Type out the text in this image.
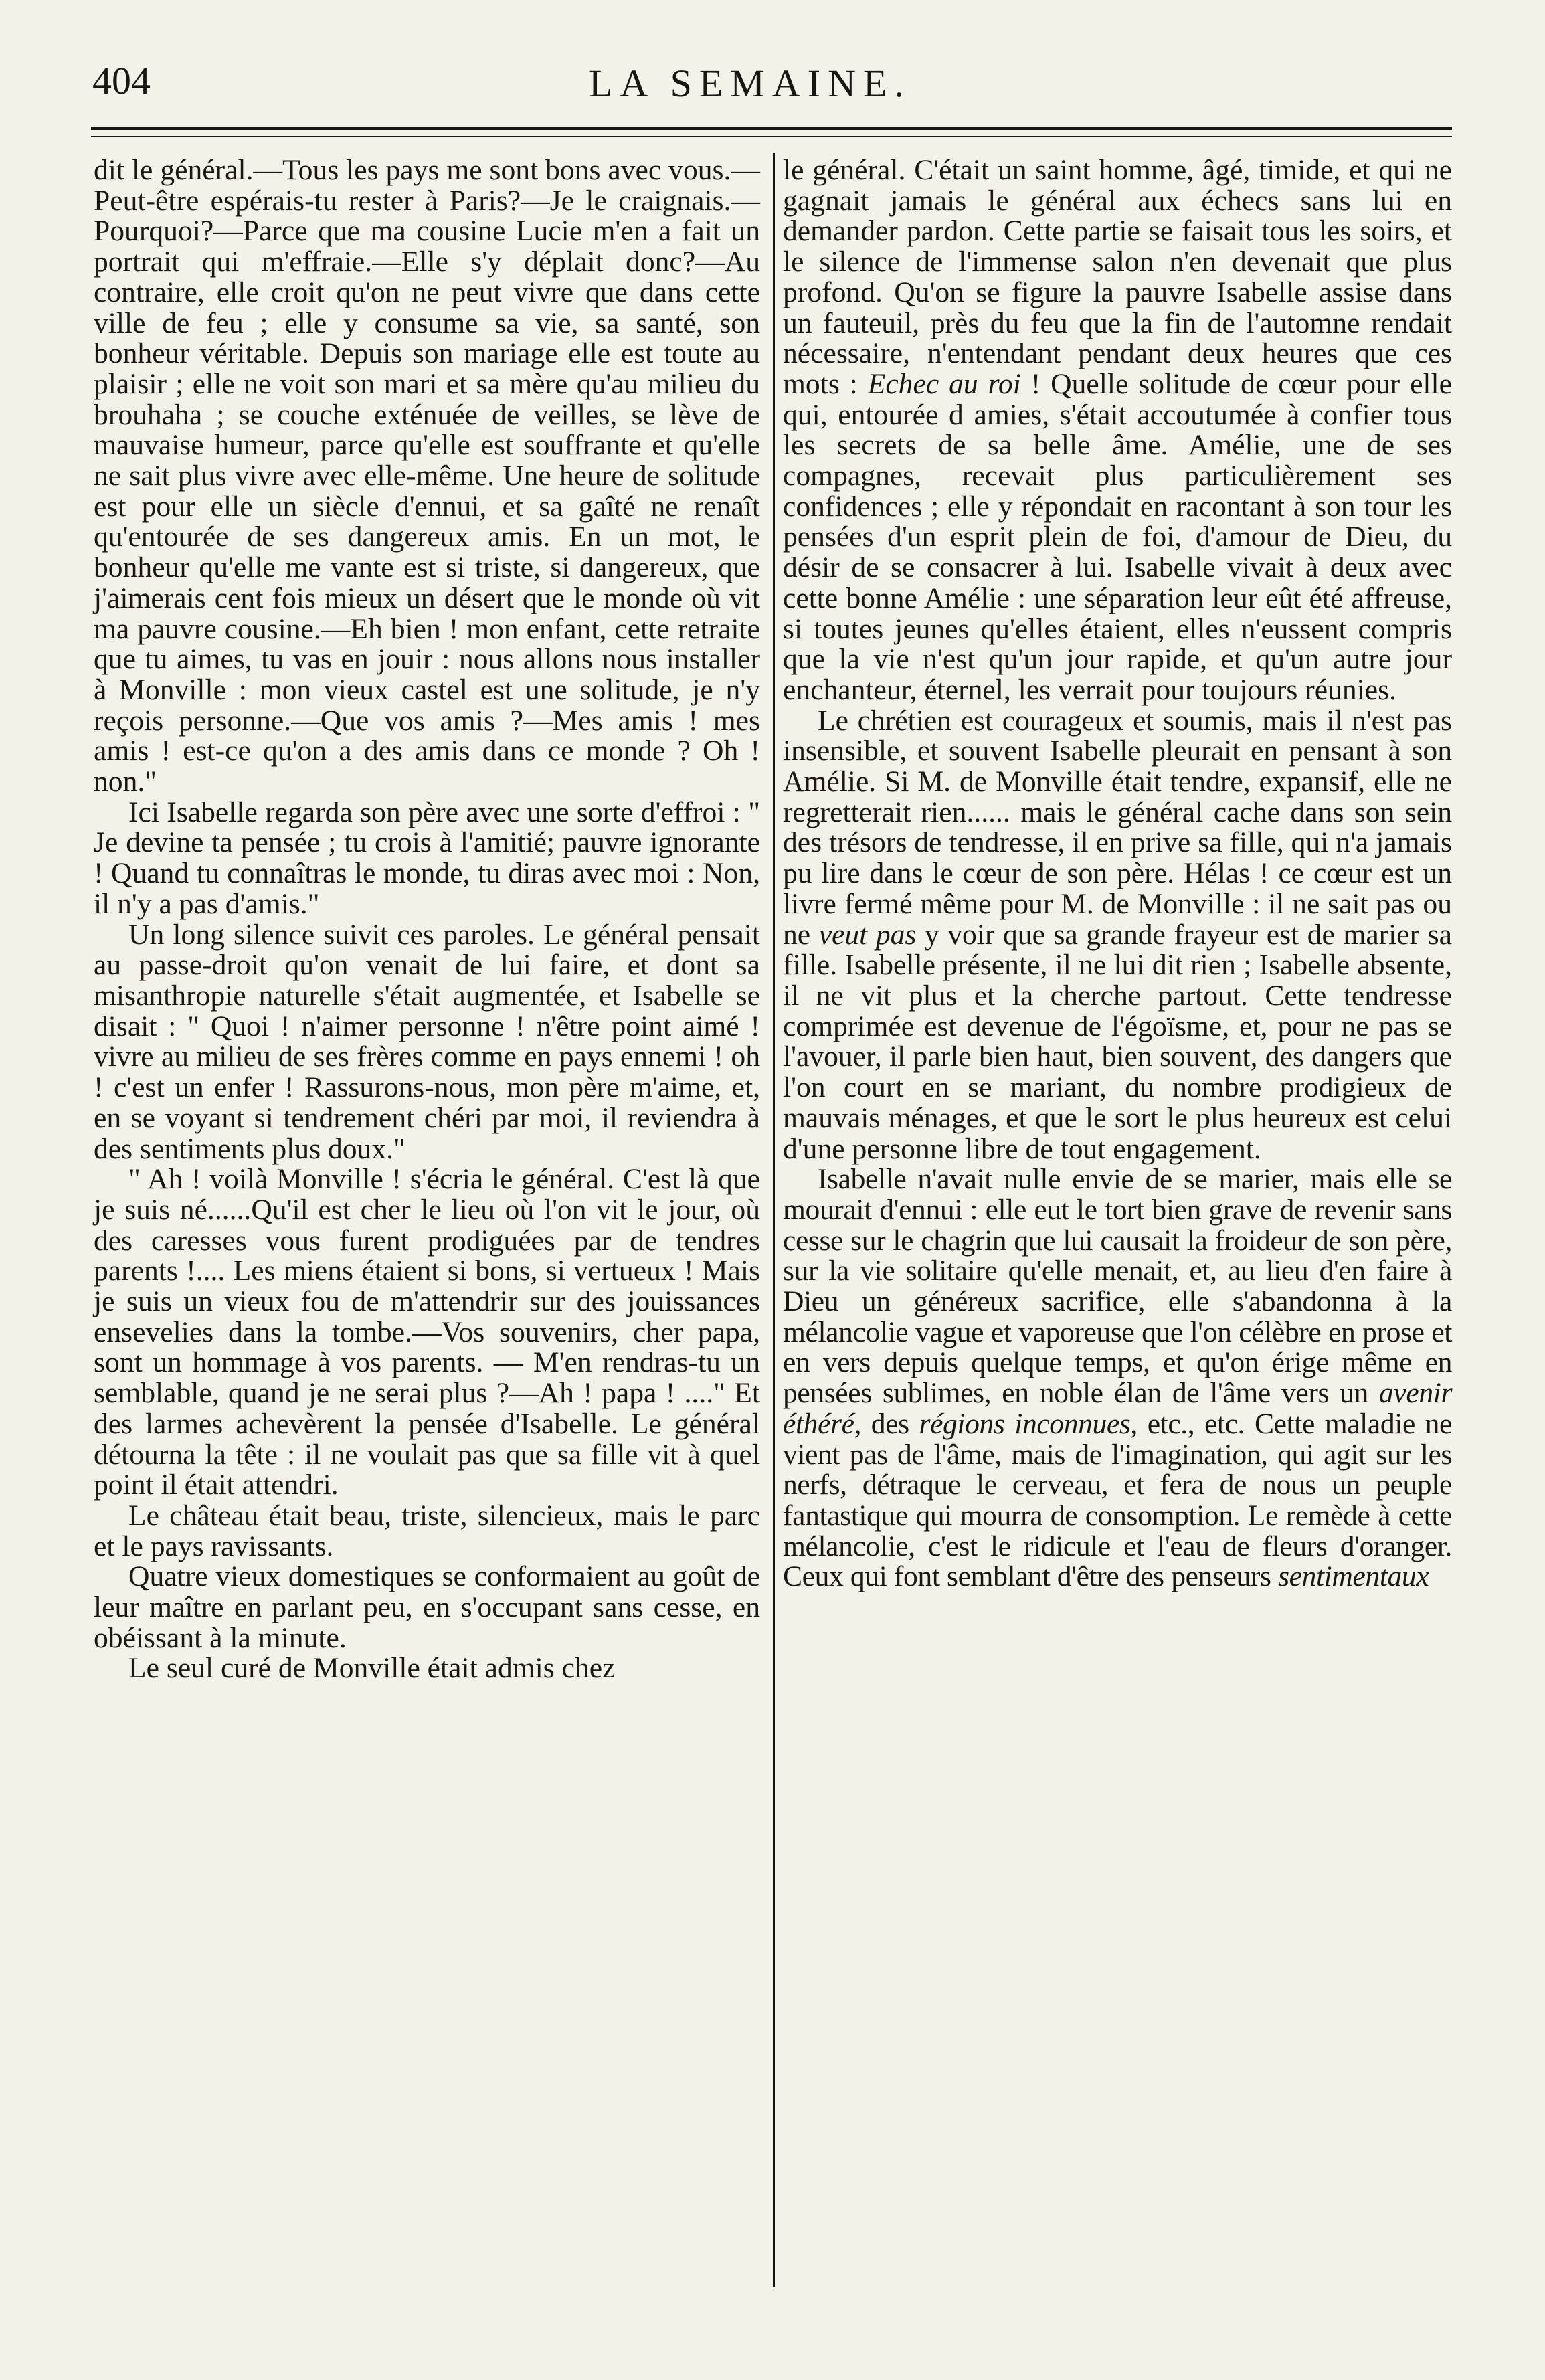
404	LA SEMAINE.

dit le général.—Tous les pays me sont bons avec vous.—Peut-être espérais-tu rester à Paris?—Je le craignais.—Pourquoi?—Parce que ma cousine Lucie m'en a fait un portrait qui m'effraie.—Elle s'y déplait donc?—Au contraire, elle croit qu'on ne peut vivre que dans cette ville de feu ; elle y consume sa vie, sa santé, son bonheur véritable. Depuis son mariage elle est toute au plaisir ; elle ne voit son mari et sa mère qu'au milieu du brouhaha ; se couche exténuée de veilles, se lève de mauvaise humeur, parce qu'elle est souffrante et qu'elle ne sait plus vivre avec elle-même. Une heure de solitude est pour elle un siècle d'ennui, et sa gaîté ne renaît qu'entourée de ses dangereux amis. En un mot, le bonheur qu'elle me vante est si triste, si dangereux, que j'aimerais cent fois mieux un désert que le monde où vit ma pauvre cousine.—Eh bien ! mon enfant, cette retraite que tu aimes, tu vas en jouir : nous allons nous installer à Monville : mon vieux castel est une solitude, je n'y reçois personne.—Que vos amis ?—Mes amis ! mes amis ! est-ce qu'on a des amis dans ce monde ? Oh ! non."

Ici Isabelle regarda son père avec une sorte d'effroi : " Je devine ta pensée ; tu crois à l'amitié; pauvre ignorante ! Quand tu connaîtras le monde, tu diras avec moi : Non, il n'y a pas d'amis."

Un long silence suivit ces paroles. Le général pensait au passe-droit qu'on venait de lui faire, et dont sa misanthropie naturelle s'était augmentée, et Isabelle se disait : " Quoi ! n'aimer personne ! n'être point aimé ! vivre au milieu de ses frères comme en pays ennemi ! oh ! c'est un enfer ! Rassurons-nous, mon père m'aime, et, en se voyant si tendrement chéri par moi, il reviendra à des sentiments plus doux."

" Ah ! voilà Monville ! s'écria le général. C'est là que je suis né......Qu'il est cher le lieu où l'on vit le jour, où des caresses vous furent prodiguées par de tendres parents !.... Les miens étaient si bons, si vertueux ! Mais je suis un vieux fou de m'attendrir sur des jouissances ensevelies dans la tombe.—Vos souvenirs, cher papa, sont un hommage à vos parents. — M'en rendras-tu un semblable, quand je ne serai plus ?—Ah ! papa ! ...." Et des larmes achevèrent la pensée d'Isabelle. Le général détourna la tête : il ne voulait pas que sa fille vit à quel point il était attendri.

Le château était beau, triste, silencieux, mais le parc et le pays ravissants.

Quatre vieux domestiques se conformaient au goût de leur maître en parlant peu, en s'occupant sans cesse, en obéissant à la minute.

Le seul curé de Monville était admis chez

le général. C'était un saint homme, âgé, timide, et qui ne gagnait jamais le général aux échecs sans lui en demander pardon. Cette partie se faisait tous les soirs, et le silence de l'immense salon n'en devenait que plus profond. Qu'on se figure la pauvre Isabelle assise dans un fauteuil, près du feu que la fin de l'automne rendait nécessaire, n'entendant pendant deux heures que ces mots : Echec au roi ! Quelle solitude de cœur pour elle qui, entourée d amies, s'était accoutumée à confier tous les secrets de sa belle âme. Amélie, une de ses compagnes, recevait plus particulièrement ses confidences ; elle y répondait en racontant à son tour les pensées d'un esprit plein de foi, d'amour de Dieu, du désir de se consacrer à lui. Isabelle vivait à deux avec cette bonne Amélie : une séparation leur eût été affreuse, si toutes jeunes qu'elles étaient, elles n'eussent compris que la vie n'est qu'un jour rapide, et qu'un autre jour enchanteur, éternel, les verrait pour toujours réunies.

Le chrétien est courageux et soumis, mais il n'est pas insensible, et souvent Isabelle pleurait en pensant à son Amélie. Si M. de Monville était tendre, expansif, elle ne regretterait rien...... mais le général cache dans son sein des trésors de tendresse, il en prive sa fille, qui n'a jamais pu lire dans le cœur de son père. Hélas ! ce cœur est un livre fermé même pour M. de Monville : il ne sait pas ou ne veut pas y voir que sa grande frayeur est de marier sa fille. Isabelle présente, il ne lui dit rien ; Isabelle absente, il ne vit plus et la cherche partout. Cette tendresse comprimée est devenue de l'égoïsme, et, pour ne pas se l'avouer, il parle bien haut, bien souvent, des dangers que l'on court en se mariant, du nombre prodigieux de mauvais ménages, et que le sort le plus heureux est celui d'une personne libre de tout engagement.

Isabelle n'avait nulle envie de se marier, mais elle se mourait d'ennui : elle eut le tort bien grave de revenir sans cesse sur le chagrin que lui causait la froideur de son père, sur la vie solitaire qu'elle menait, et, au lieu d'en faire à Dieu un généreux sacrifice, elle s'abandonna à la mélancolie vague et vaporeuse que l'on célèbre en prose et en vers depuis quelque temps, et qu'on érige même en pensées sublimes, en noble élan de l'âme vers un avenir éthéré, des régions inconnues, etc., etc. Cette maladie ne vient pas de l'âme, mais de l'imagination, qui agit sur les nerfs, détraque le cerveau, et fera de nous un peuple fantastique qui mourra de consomption. Le remède à cette mélancolie, c'est le ridicule et l'eau de fleurs d'oranger. Ceux qui font semblant d'être des penseurs sentimentaux
